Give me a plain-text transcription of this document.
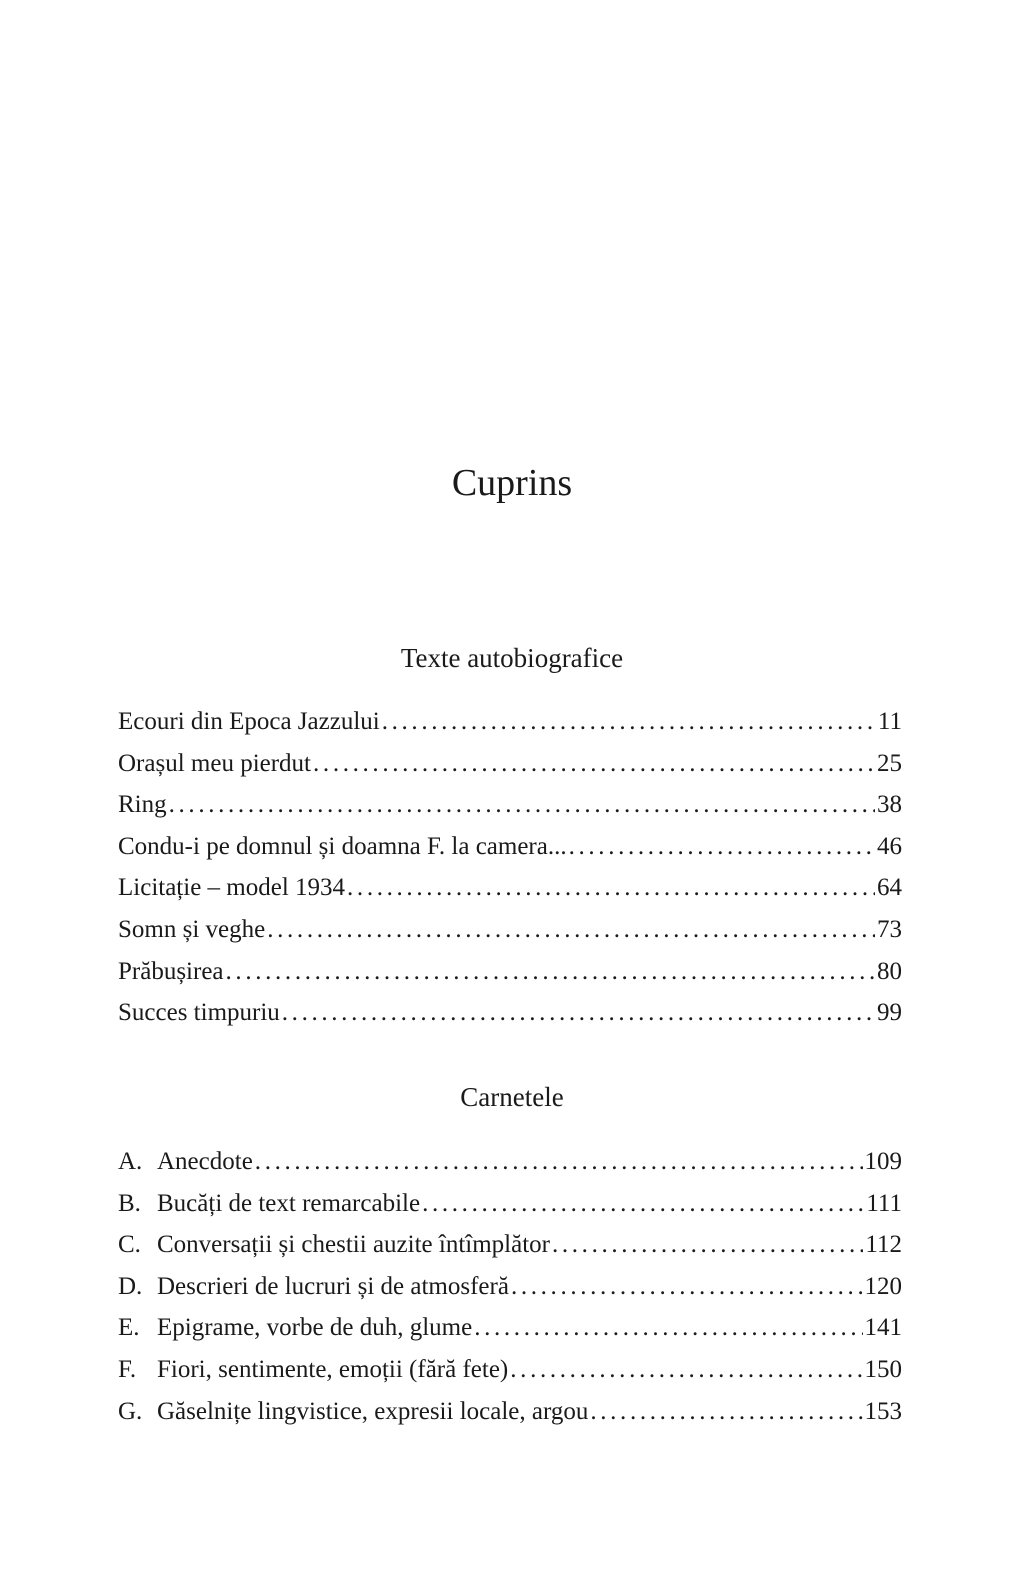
Cuprins
Texte autobiografice
Ecouri din Epoca Jazzului . . .	11
Orașul meu pierdut . . .	25
Ring . . .	38
Condu-i pe domnul și doamna F. la camera... . . .	46
Licitație – model 1934 . . .	64
Somn și veghe . . .	73
Prăbușirea . . .	80
Succes timpuriu . . .	99
Carnetele
A. Anecdote . . .	109
B. Bucăți de text remarcabile . . .	111
C. Conversații și chestii auzite întîmplător . . .	112
D. Descrieri de lucruri și de atmosferă . . .	120
E. Epigrame, vorbe de duh, glume . . .	141
F. Fiori, sentimente, emoții (fără fete) . . .	150
G. Găselnițe lingvistice, expresii locale, argou . . .	153
